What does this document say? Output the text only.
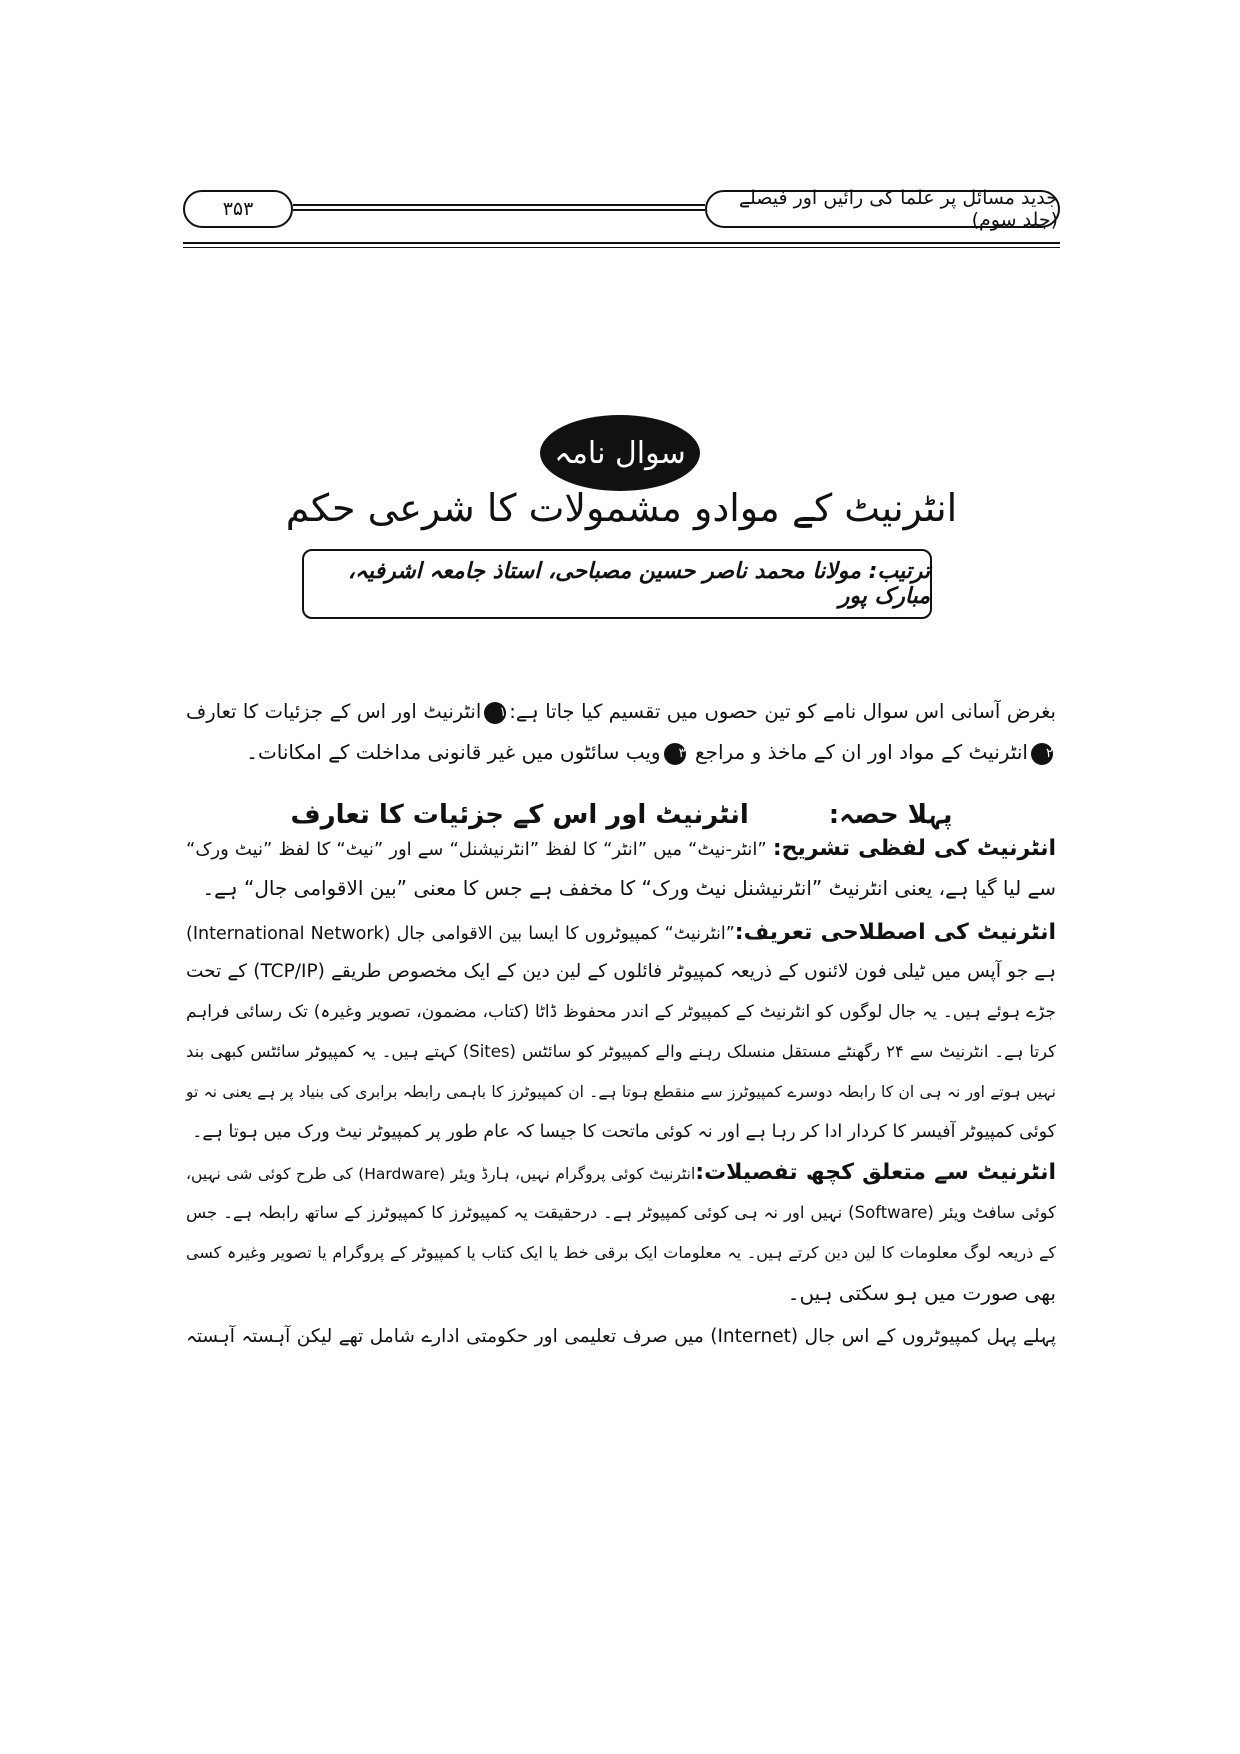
۳۵۳	جدید مسائل پر علما کی رائیں اور فیصلے (جلد سوم)
سوال نامہ
انٹرنیٹ کے موادو مشمولات کا شرعی حکم
ترتیب: مولانا محمد ناصر حسین مصباحی، استاذ جامعہ اشرفیہ، مبارک پور
بغرض آسانی اس سوال نامے کو تین حصوں میں تقسیم کیا جاتا ہے:۱انٹرنیٹ اور اس کے جزئیات کا تعارف
۲انٹرنیٹ کے مواد اور ان کے ماخذ و مراجع ۳ویب سائٹوں میں غیر قانونی مداخلت کے امکانات۔
پہلا حصہ:انٹرنیٹ اور اس کے جزئیات کا تعارف
انٹرنیٹ کی لفظی تشریح: ”انٹر-نیٹ“ میں ”انٹر“ کا لفظ ”انٹرنیشنل“ سے اور ”نیٹ“ کا لفظ ”نیٹ ورک“
سے لیا گیا ہے، یعنی انٹرنیٹ ”انٹرنیشنل نیٹ ورک“ کا مخفف ہے جس کا معنی ”بین الاقوامی جال“ ہے۔
انٹرنیٹ کی اصطلاحی تعریف:”انٹرنیٹ“ کمپیوٹروں کا ایسا بین الاقوامی جال (International Network)
ہے جو آپس میں ٹیلی فون لائنوں کے ذریعہ کمپیوٹر فائلوں کے لین دین کے ایک مخصوص طریقے (TCP/IP) کے تحت
جڑے ہوئے ہیں۔ یہ جال لوگوں کو انٹرنیٹ کے کمپیوٹر کے اندر محفوظ ڈاٹا (کتاب، مضمون، تصویر وغیرہ) تک رسائی فراہم
کرتا ہے۔ انٹرنیٹ سے ۲۴ رگھنٹے مستقل منسلک رہنے والے کمپیوٹر کو سائٹس (Sites) کہتے ہیں۔ یہ کمپیوٹر سائٹس کبھی بند
نہیں ہوتے اور نہ ہی ان کا رابطہ دوسرے کمپیوٹرز سے منقطع ہوتا ہے۔ ان کمپیوٹرز کا باہمی رابطہ برابری کی بنیاد پر ہے یعنی نہ تو
کوئی کمپیوٹر آفیسر کا کردار ادا کر رہا ہے اور نہ کوئی ماتحت کا جیسا کہ عام طور پر کمپیوٹر نیٹ ورک میں ہوتا ہے۔
انٹرنیٹ سے متعلق کچھ تفصیلات:انٹرنیٹ کوئی پروگرام نہیں، ہارڈ ویئر (Hardware) کی طرح کوئی شی نہیں،
کوئی سافٹ ویئر (Software) نہیں اور نہ ہی کوئی کمپیوٹر ہے۔ درحقیقت یہ کمپیوٹرز کا کمپیوٹرز کے ساتھ رابطہ ہے۔ جس
کے ذریعہ لوگ معلومات کا لین دین کرتے ہیں۔ یہ معلومات ایک برقی خط یا ایک کتاب یا کمپیوٹر کے پروگرام یا تصویر وغیرہ کسی
بھی صورت میں ہو سکتی ہیں۔
پہلے پہل کمپیوٹروں کے اس جال (Internet) میں صرف تعلیمی اور حکومتی ادارے شامل تھے لیکن آہستہ آہستہ
